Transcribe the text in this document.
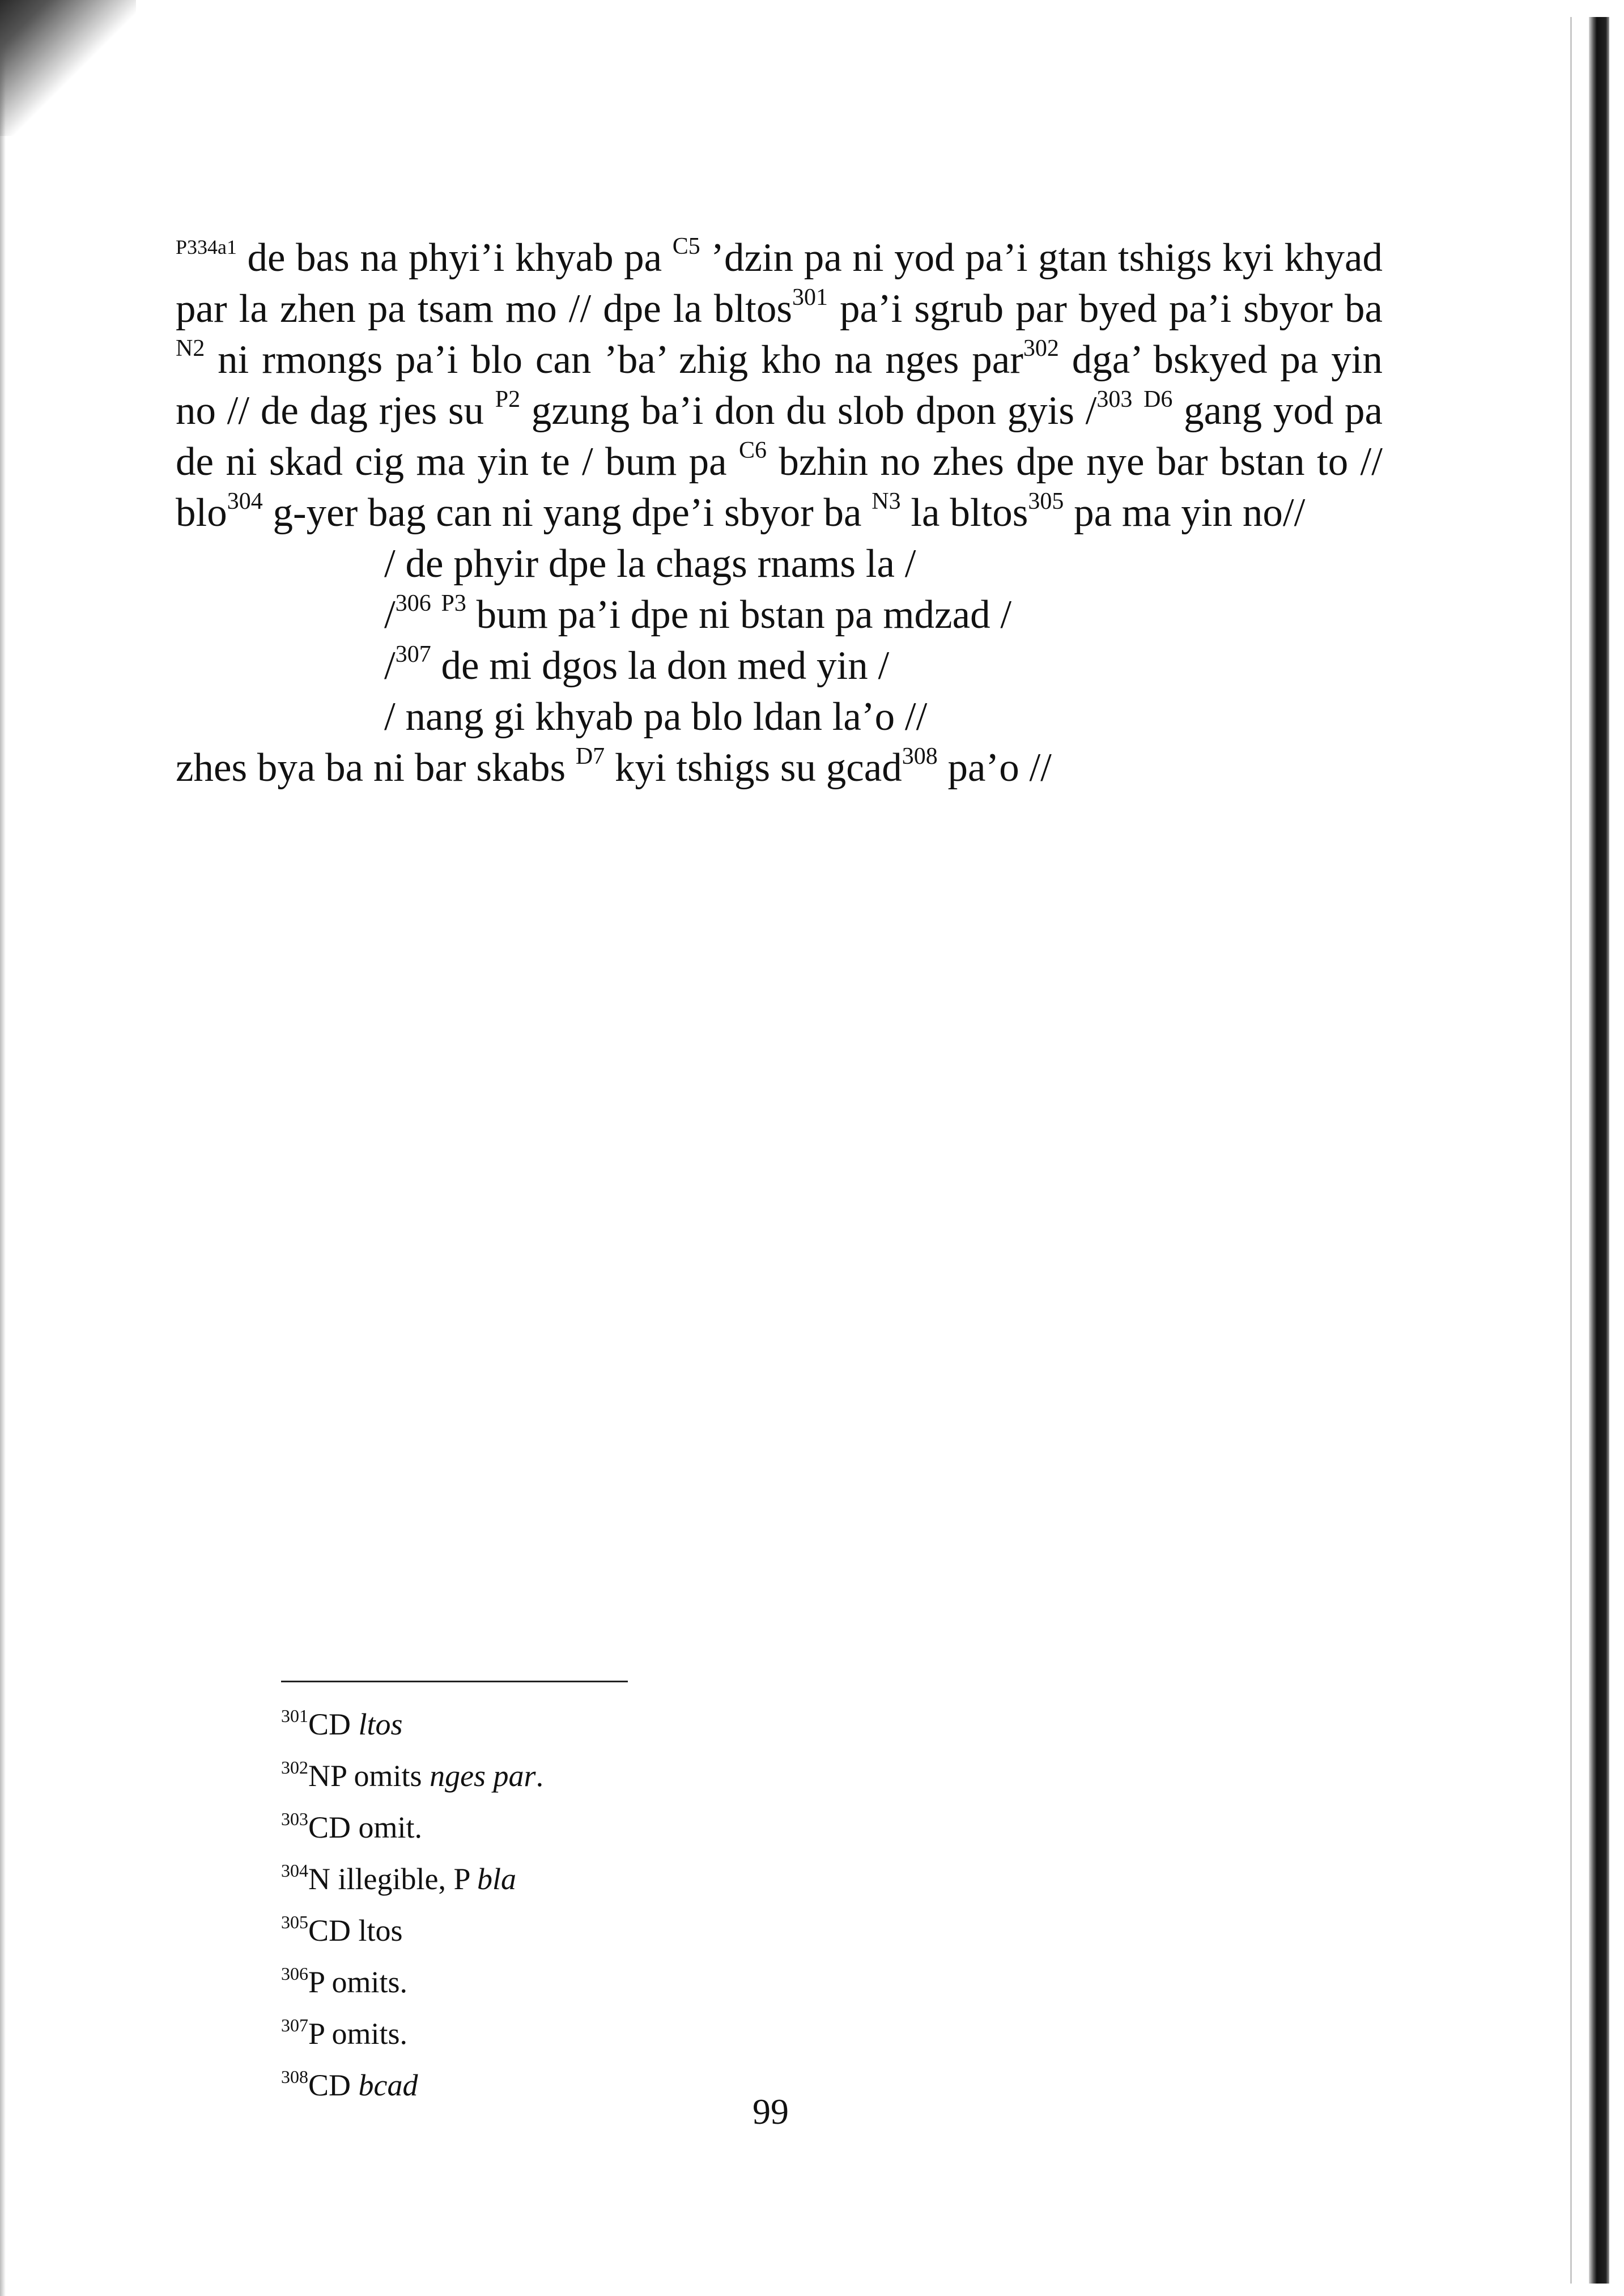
$^{P334a1}$ de bas na phyi’i khyab pa $^{C5}$ ’dzin pa ni yod pa’i gtan tshigs kyi khyad par la zhen pa tsam mo // dpe la bltos$^{301}$ pa’i sgrub par byed pa’i sbyor ba $^{N2}$ ni rmongs pa’i blo can ’ba’ zhig kho na nges par$^{302}$ dga’ bskyed pa yin no // de dag rjes su $^{P2}$ gzung ba’i don du slob dpon gyis /$^{303}$ $^{D6}$ gang yod pa de ni skad cig ma yin te / bum pa $^{C6}$ bzhin no zhes dpe nye bar bstan to // blo$^{304}$ g-yer bag can ni yang dpe’i sbyor ba $^{N3}$ la bltos$^{305}$ pa ma yin no//

/ de phyir dpe la chags rnams la /

/$^{306}$ $^{P3}$ bum pa’i dpe ni bstan pa mdzad /

/$^{307}$ de mi dgos la don med yin /

/ nang gi khyab pa blo ldan la’o //

zhes bya ba ni bar skabs $^{D7}$ kyi tshigs su gcad$^{308}$ pa’o //

$^{301}$CD ltos
$^{302}$NP omits nges par.
$^{303}$CD omit.
$^{304}$N illegible, P bla
$^{305}$CD ltos
$^{306}$P omits.
$^{307}$P omits.
$^{308}$CD bcad
99
